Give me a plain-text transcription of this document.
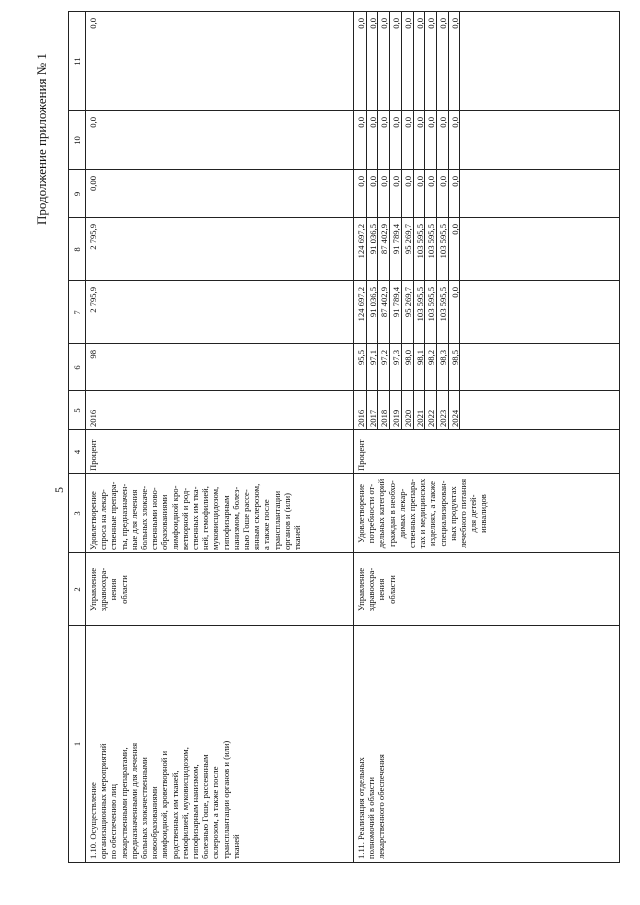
5
Продолжение приложения № 1
1
2
3
4
5
6
7
8
9
10
11
1.10. Осуществление организационных мероприятий по обеспечению лиц лекарственными препаратами, предназначенными для лечения больных злокачественными новообразованиями лимфоидной, кроветворной и родственных им тканей, гемофилией, муковисцидозом, гипофизарным нанизмом, болезнью Гоше, рассеянным склерозом, а также после трансплантации органов и (или) тканей
Управление здравоохра- нения области
Удовлетворение спроса на лекар- ственные препара- ты, предназначен- ные для лечения больных злокаче- ственными ново- образованиями лимфоидной кро- ветворной и род- ственных им тка- ней, гемофилией, муковисцидозом, гипофизарным нанизмом, болез- нью Гоше рассе- янным склерозом, а также после трансплантации органов и (или) тканей
Процент
1.11. Реализация отдельных полномочий в области лекарственного обеспечения
Управление здравоохра- нения области
Удовлетворение потребности от- дельных категорий граждан в необхо- димых лекар- ственных препара- тах и медицинских изделиях, а также специализирован- ных продуктах лечебного питания для детей- инвалидов
Процент
2016
98
2 795,9
2 795,9
0,00
0,0
0,0
2016 2017 2018 2019 2020 2021 2022 2023 2024
95,5 97,1 97,2 97,3 98,0 98,1 98,2 98,3 98,5
124 697,2 91 036,5 87 402,9 91 789,4 95 269,7 103 595,5 103 595,5 103 595,5 0,0
124 697,2 91 036,5 87 402,9 91 789,4 95 269,7 103 595,5 103 595,5 103 595,5 0,0
0,0 0,0 0,0 0,0 0,0 0,0 0,0 0,0 0,0
0,0 0,0 0,0 0,0 0,0 0,0 0,0 0,0 0,0
0,0 0,0 0,0 0,0 0,0 0,0 0,0 0,0 0,0
